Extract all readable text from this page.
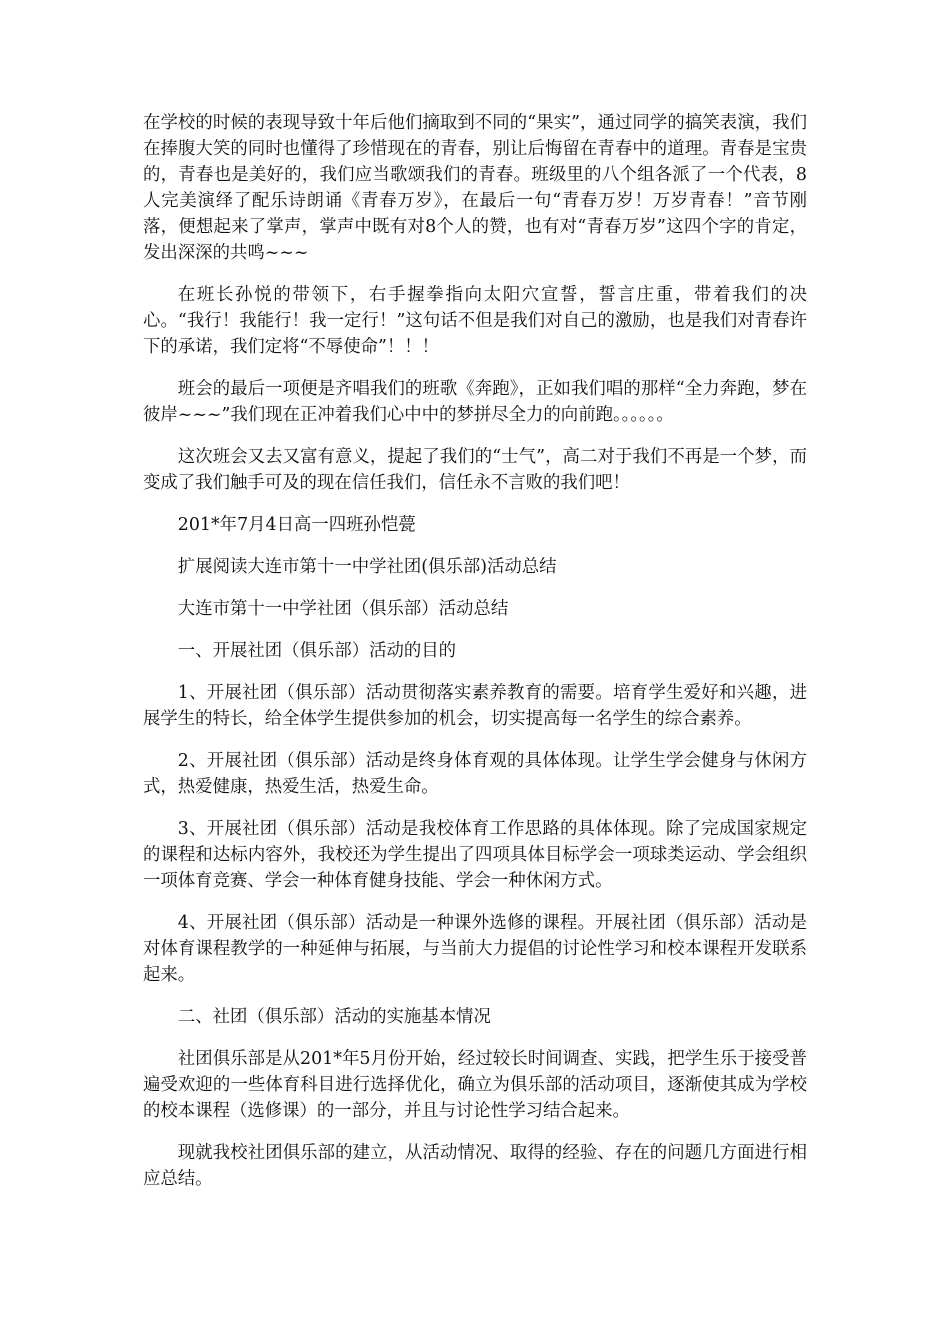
在学校的时候的表现导致十年后他们摘取到不同的“果实”，通过同学的搞笑表演，我们在捧腹大笑的同时也懂得了珍惜现在的青春，别让后悔留在青春中的道理。青春是宝贵的，青春也是美好的，我们应当歌颂我们的青春。班级里的八个组各派了一个代表，8人完美演绎了配乐诗朗诵《青春万岁》，在最后一句“青春万岁！万岁青春！”音节刚落，便想起来了掌声，掌声中既有对8个人的赞，也有对“青春万岁”这四个字的肯定，发出深深的共鸣~~~

在班长孙悦的带领下，右手握拳指向太阳穴宣誓，誓言庄重，带着我们的决心。“我行！我能行！我一定行！”这句话不但是我们对自己的激励，也是我们对青春许下的承诺，我们定将“不辱使命”！！！

班会的最后一项便是齐唱我们的班歌《奔跑》，正如我们唱的那样“全力奔跑，梦在彼岸~~~”我们现在正冲着我们心中中的梦拼尽全力的向前跑。。。。。。

这次班会又去又富有意义，提起了我们的“士气”，高二对于我们不再是一个梦，而变成了我们触手可及的现在信任我们，信任永不言败的我们吧！

201*年7月4日高一四班孙恺甍

扩展阅读大连市第十一中学社团(俱乐部)活动总结

大连市第十一中学社团（俱乐部）活动总结

一、开展社团（俱乐部）活动的目的

1、开展社团（俱乐部）活动贯彻落实素养教育的需要。培育学生爱好和兴趣，进展学生的特长，给全体学生提供参加的机会，切实提高每一名学生的综合素养。

2、开展社团（俱乐部）活动是终身体育观的具体体现。让学生学会健身与休闲方式，热爱健康，热爱生活，热爱生命。

3、开展社团（俱乐部）活动是我校体育工作思路的具体体现。除了完成国家规定的课程和达标内容外，我校还为学生提出了四项具体目标学会一项球类运动、学会组织一项体育竞赛、学会一种体育健身技能、学会一种休闲方式。

4、开展社团（俱乐部）活动是一种课外选修的课程。开展社团（俱乐部）活动是对体育课程教学的一种延伸与拓展，与当前大力提倡的讨论性学习和校本课程开发联系起来。

二、社团（俱乐部）活动的实施基本情况

社团俱乐部是从201*年5月份开始，经过较长时间调查、实践，把学生乐于接受普遍受欢迎的一些体育科目进行选择优化，确立为俱乐部的活动项目，逐渐使其成为学校的校本课程（选修课）的一部分，并且与讨论性学习结合起来。

现就我校社团俱乐部的建立，从活动情况、取得的经验、存在的问题几方面进行相应总结。
